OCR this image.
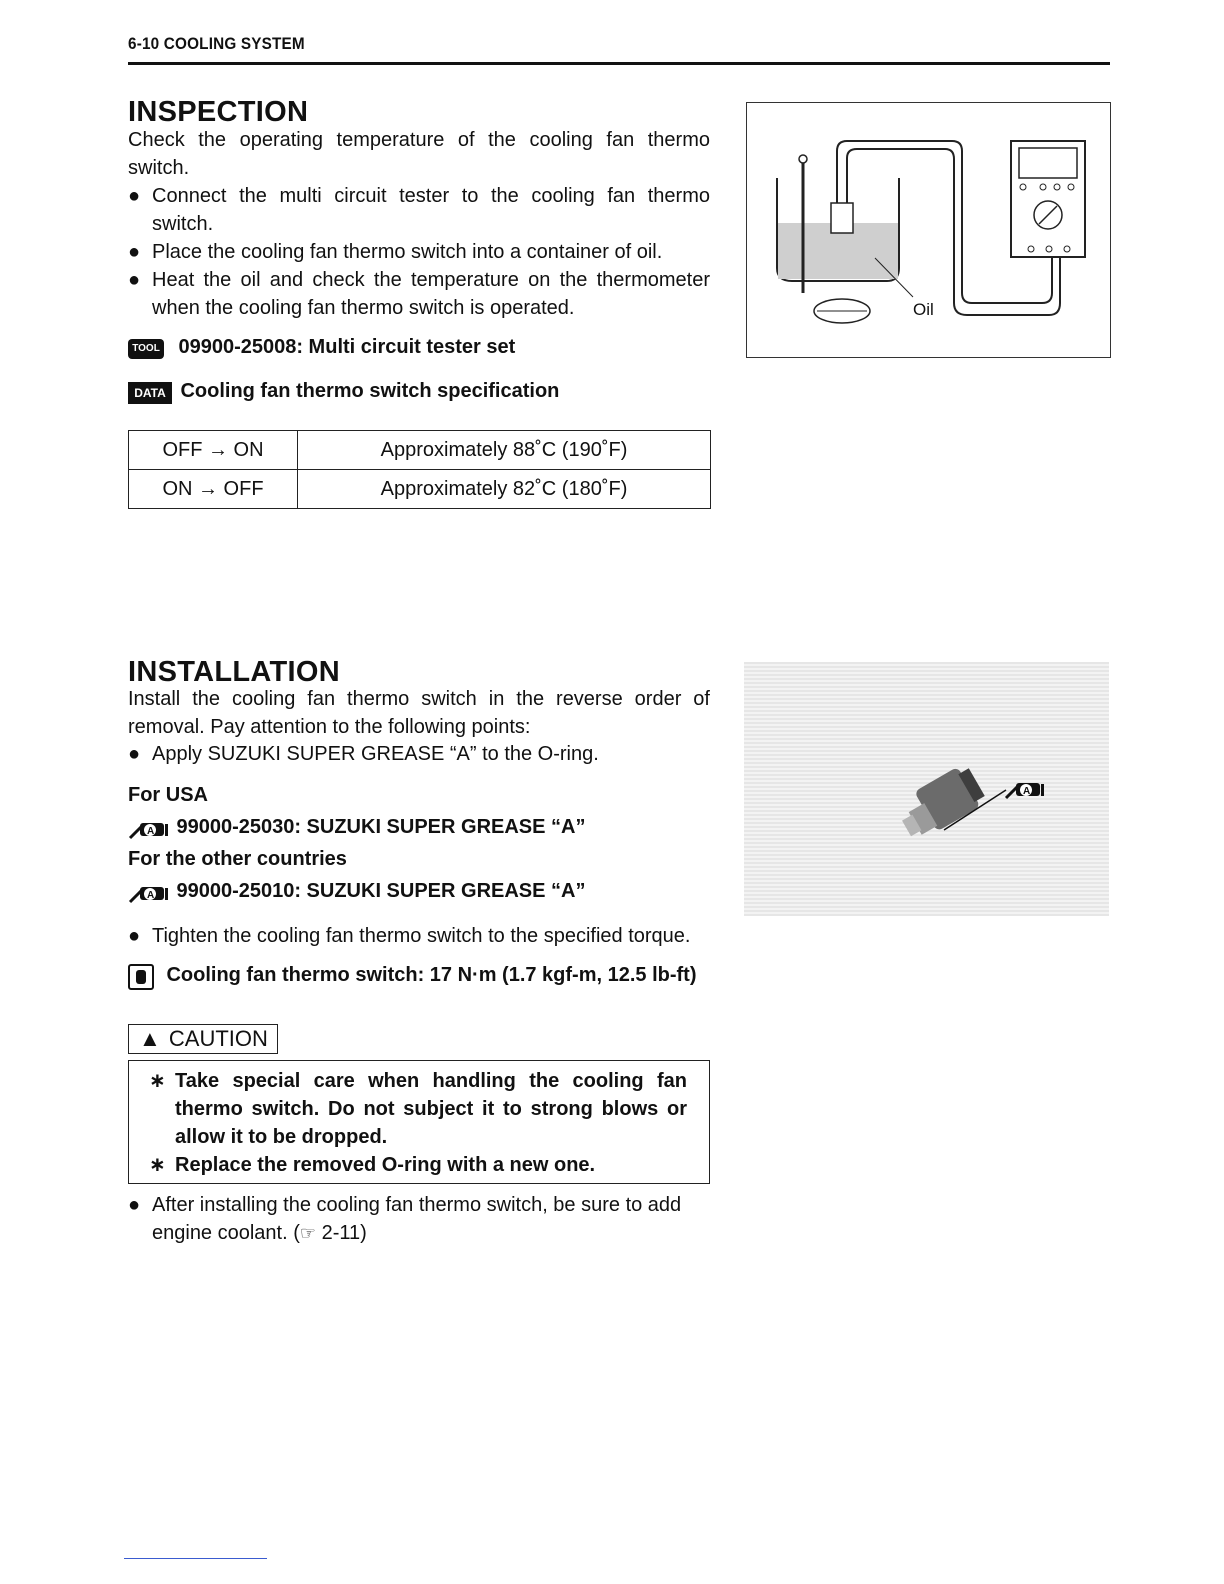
6-10 COOLING SYSTEM
INSPECTION

Check the operating temperature of the cooling fan thermo switch.

● Connect the multi circuit tester to the cooling fan thermo
switch.
● Place the cooling fan thermo switch into a container of oil.
● Heat the oil and check the temperature on the thermometer
when the cooling fan thermo switch is operated.
TOOL 09900-25008: Multi circuit tester set
DATA Cooling fan thermo switch specification
OFF → ON	Approximately 88˚C (190˚F)
ON → OFF	Approximately 82˚C (180˚F)
Oil
INSTALLATION

Install the cooling fan thermo switch in the reverse order of removal. Pay attention to the following points:

● Apply SUZUKI SUPER GREASE “A” to the O-ring.
For USA
A 99000-25030: SUZUKI SUPER GREASE “A”
For the other countries
A 99000-25010: SUZUKI SUPER GREASE “A”
● Tighten the cooling fan thermo switch to the specified torque.
Cooling fan thermo switch: 17 N·m (1.7 kgf-m, 12.5 lb-ft)
▲ CAUTION
∗ Take special care when handling the cooling fan
thermo switch. Do not subject it to strong blows or
allow it to be dropped.
∗ Replace the removed O-ring with a new one.
● After installing the cooling fan thermo switch, be sure to add
engine coolant. (☞ 2-11)
A
